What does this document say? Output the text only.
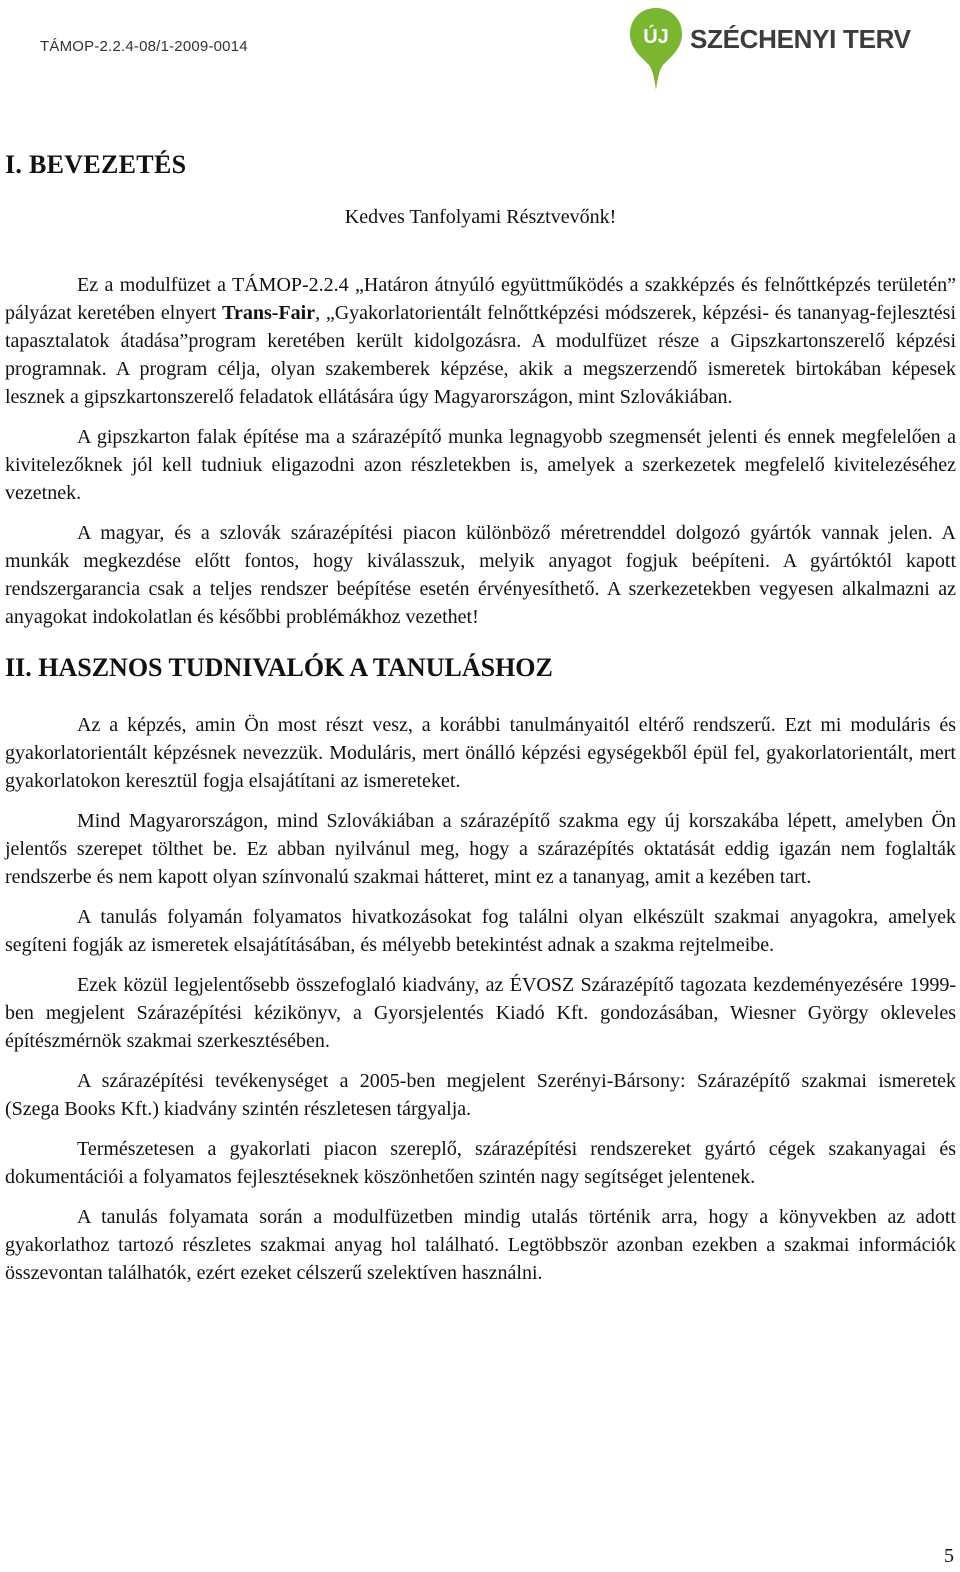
TÁMOP-2.2.4-08/1-2009-0014	ÚJ SZÉCHENYI TERV
I. BEVEZETÉS
Kedves Tanfolyami Résztvevőnk!

Ez a modulfüzet a TÁMOP-2.2.4 „Határon átnyúló együttműködés a szakképzés és felnőttképzés területén” pályázat keretében elnyert Trans-Fair, „Gyakorlatorientált felnőttképzési módszerek, képzési- és tananyag-fejlesztési tapasztalatok átadása”program keretében került kidolgozásra. A modulfüzet része a Gipszkartonszerelő képzési programnak. A program célja, olyan szakemberek képzése, akik a megszerzendő ismeretek birtokában képesek lesznek a gipszkartonszerelő feladatok ellátására úgy Magyarországon, mint Szlovákiában.

A gipszkarton falak építése ma a szárazépítő munka legnagyobb szegmensét jelenti és ennek megfelelően a kivitelezőknek jól kell tudniuk eligazodni azon részletekben is, amelyek a szerkezetek megfelelő kivitelezéséhez vezetnek.

A magyar, és a szlovák szárazépítési piacon különböző méretrenddel dolgozó gyártók vannak jelen. A munkák megkezdése előtt fontos, hogy kiválasszuk, melyik anyagot fogjuk beépíteni. A gyártóktól kapott rendszergarancia csak a teljes rendszer beépítése esetén érvényesíthető. A szerkezetekben vegyesen alkalmazni az anyagokat indokolatlan és későbbi problémákhoz vezethet!

II. HASZNOS TUDNIVALÓK A TANULÁSHOZ

Az a képzés, amin Ön most részt vesz, a korábbi tanulmányaitól eltérő rendszerű. Ezt mi moduláris és gyakorlatorientált képzésnek nevezzük. Moduláris, mert önálló képzési egységekből épül fel, gyakorlatorientált, mert gyakorlatokon keresztül fogja elsajátítani az ismereteket.

Mind Magyarországon, mind Szlovákiában a szárazépítő szakma egy új korszakába lépett, amelyben Ön jelentős szerepet tölthet be. Ez abban nyilvánul meg, hogy a szárazépítés oktatását eddig igazán nem foglalták rendszerbe és nem kapott olyan színvonalú szakmai hátteret, mint ez a tananyag, amit a kezében tart.

A tanulás folyamán folyamatos hivatkozásokat fog találni olyan elkészült szakmai anyagokra, amelyek segíteni fogják az ismeretek elsajátításában, és mélyebb betekintést adnak a szakma rejtelmeibe.

Ezek közül legjelentősebb összefoglaló kiadvány, az ÉVOSZ Szárazépítő tagozata kezdeményezésére 1999-ben megjelent Szárazépítési kézikönyv, a Gyorsjelentés Kiadó Kft. gondozásában, Wiesner György okleveles építészmérnök szakmai szerkesztésében.

A szárazépítési tevékenységet a 2005-ben megjelent Szerényi-Bársony: Szárazépítő szakmai ismeretek (Szega Books Kft.) kiadvány szintén részletesen tárgyalja.

Természetesen a gyakorlati piacon szereplő, szárazépítési rendszereket gyártó cégek szakanyagai és dokumentációi a folyamatos fejlesztéseknek köszönhetően szintén nagy segítséget jelentenek.

A tanulás folyamata során a modulfüzetben mindig utalás történik arra, hogy a könyvekben az adott gyakorlathoz tartozó részletes szakmai anyag hol található. Legtöbbször azonban ezekben a szakmai információk összevontan találhatók, ezért ezeket célszerű szelektíven használni.

5
